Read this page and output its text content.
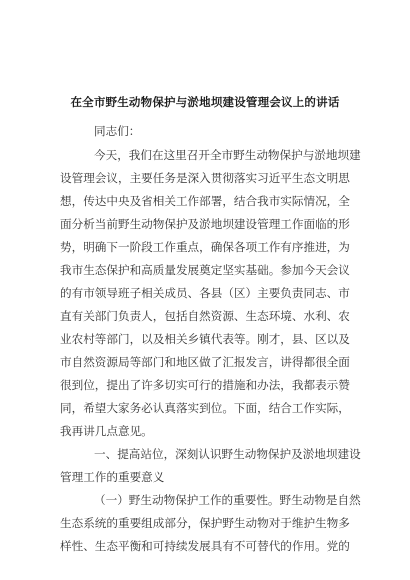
在全市野生动物保护与淤地坝建设管理会议上的讲话
同志们：
今天，我们在这里召开全市野生动物保护与淤地坝建
设管理会议，主要任务是深入贯彻落实习近平生态文明思
想，传达中央及省相关工作部署，结合我市实际情况，全
面分析当前野生动物保护及淤地坝建设管理工作面临的形
势，明确下一阶段工作重点，确保各项工作有序推进，为
我市生态保护和高质量发展奠定坚实基础。参加今天会议
的有市领导班子相关成员、各县（区）主要负责同志、市
直有关部门负责人，包括自然资源、生态环境、水利、农
业农村等部门，以及相关乡镇代表等。刚才，县、区以及
市自然资源局等部门和地区做了汇报发言，讲得都很全面
很到位，提出了许多切实可行的措施和办法，我都表示赞
同，希望大家务必认真落实到位。下面，结合工作实际，
我再讲几点意见。
一、提高站位，深刻认识野生动物保护及淤地坝建设
管理工作的重要意义
（一）野生动物保护工作的重要性。野生动物是自然
生态系统的重要组成部分，保护野生动物对于维护生物多
样性、生态平衡和可持续发展具有不可替代的作用。党的
